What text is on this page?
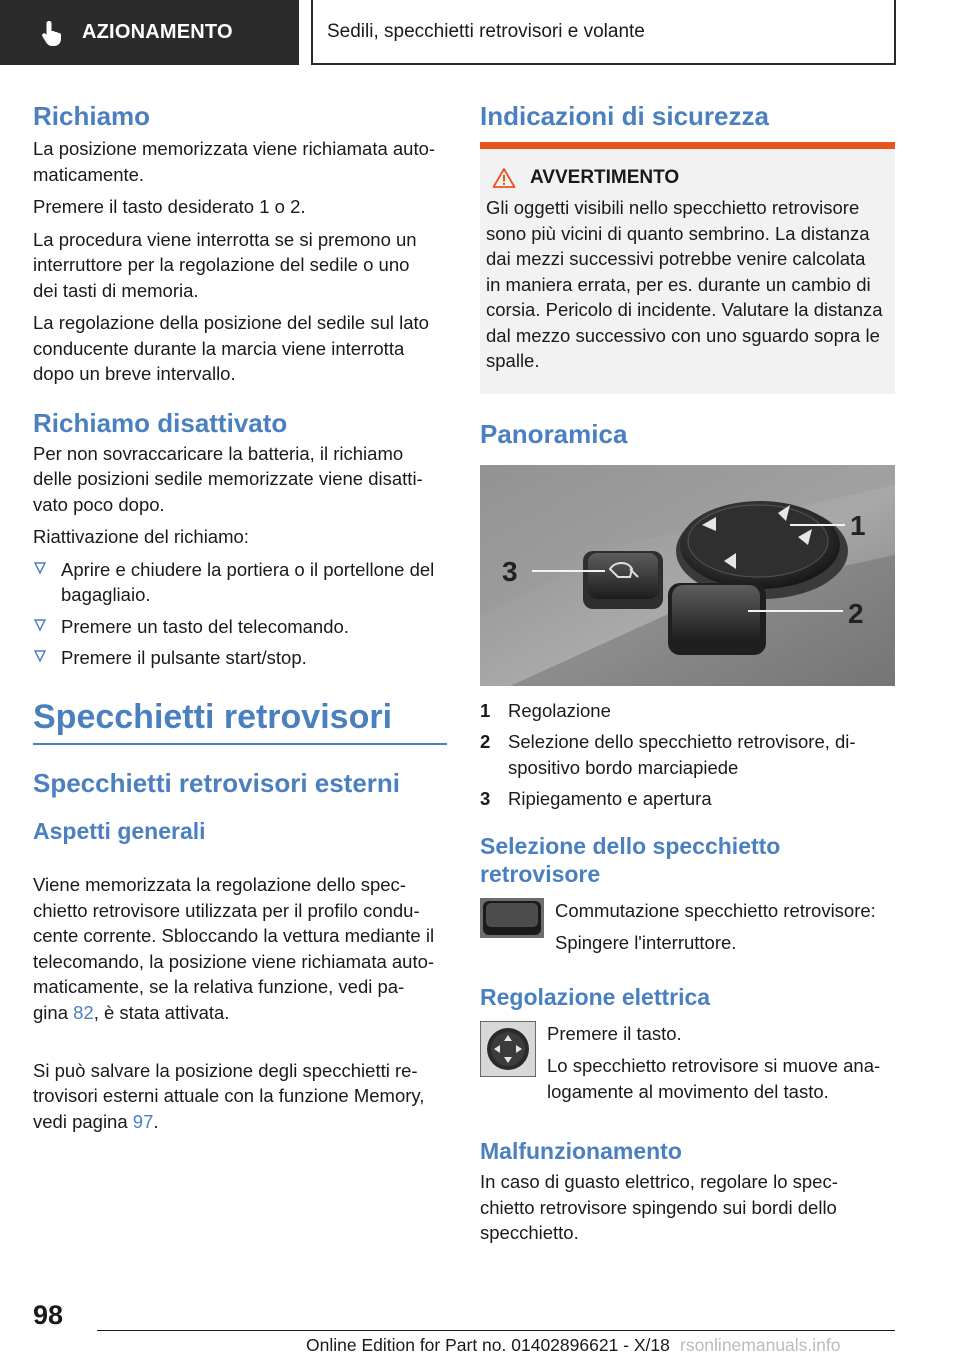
AZIONAMENTO	Sedili, specchietti retrovisori e volante
Richiamo

La posizione memorizzata viene richiamata auto-
maticamente.

Premere il tasto desiderato 1 o 2.

La procedura viene interrotta se si premono un
interruttore per la regolazione del sedile o uno
dei tasti di memoria.

La regolazione della posizione del sedile sul lato
conducente durante la marcia viene interrotta
dopo un breve intervallo.

Richiamo disattivato

Per non sovraccaricare la batteria, il richiamo
delle posizioni sedile memorizzate viene disatti-
vato poco dopo.

Riattivazione del richiamo:

Aprire e chiudere la portiera o il portellone del
bagagliaio.
Premere un tasto del telecomando.
Premere il pulsante start/stop.
Specchietti retrovisori
Specchietti retrovisori esterni
Aspetti generali

Viene memorizzata la regolazione dello spec-
chietto retrovisore utilizzata per il profilo condu-
cente corrente. Sbloccando la vettura mediante il
telecomando, la posizione viene richiamata auto-
maticamente, se la relativa funzione, vedi pa-
gina 82, è stata attivata.

Si può salvare la posizione degli specchietti re-
trovisori esterni attuale con la funzione Memory,
vedi pagina 97.

Indicazioni di sicurezza
AVVERTIMENTO

Gli oggetti visibili nello specchietto retrovisore
sono più vicini di quanto sembrino. La distanza
dai mezzi successivi potrebbe venire calcolata
in maniera errata, per es. durante un cambio di
corsia. Pericolo di incidente. Valutare la distanza
dal mezzo successivo con uno sguardo sopra le
spalle.

Panoramica
3
1
2
1 Regolazione
2 Selezione dello specchietto retrovisore, di-
spositivo bordo marciapiede
3 Ripiegamento e apertura
Selezione dello specchietto
retrovisore

Commutazione specchietto retrovisore:

Spingere l'interruttore.

Regolazione elettrica

Premere il tasto.

Lo specchietto retrovisore si muove ana-
logamente al movimento del tasto.

Malfunzionamento

In caso di guasto elettrico, regolare lo spec-
chietto retrovisore spingendo sui bordi dello
specchietto.

98
Online Edition for Part no. 01402896621 - X/18 rsonlinemanuals.info
